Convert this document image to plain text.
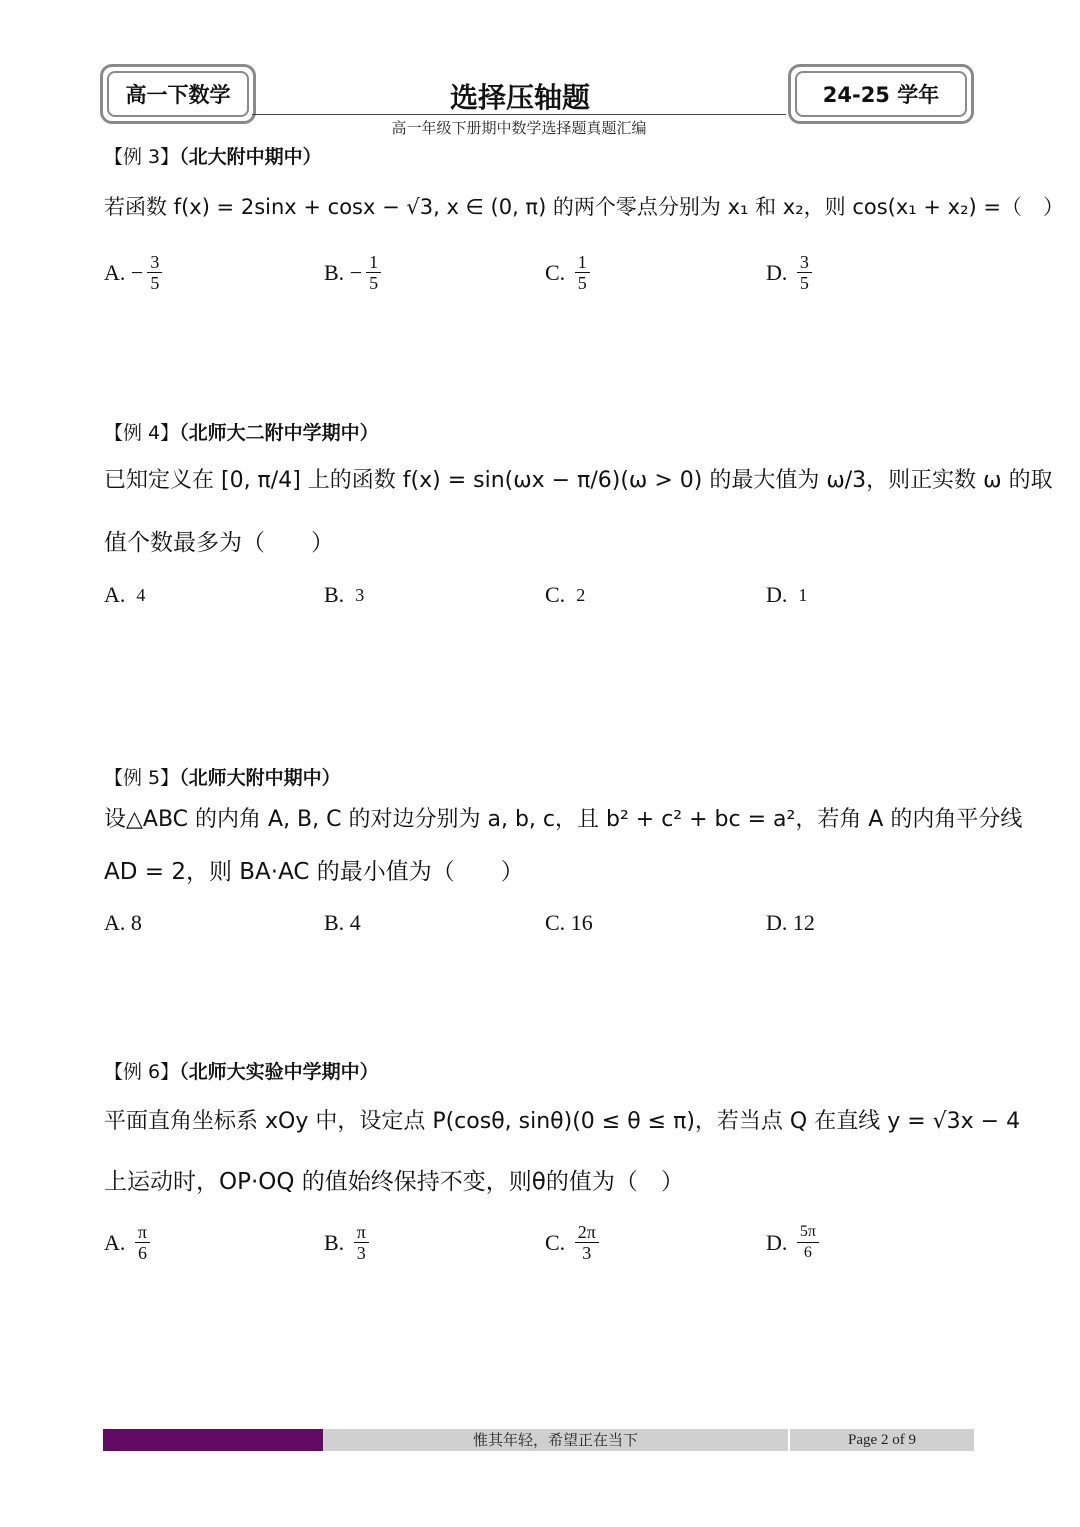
高一下数学	选择压轴题
高一年级下册期中数学选择题真题汇编
24-25 学年
【例 3】（北大附中期中）
若函数 f(x) = 2sinx + cosx − √3, x ∈ (0, π) 的两个零点分别为 x₁ 和 x₂，则 cos(x₁ + x₂) =（　）
A.
− $\frac{3}{5}$	B.
− $\frac{1}{5}$	C.
$\frac{1}{5}$	D.
$\frac{3}{5}$
【例 4】（北师大二附中学期中）
已知定义在 [0, π/4] 上的函数 f(x) = sin(ωx − π/6)(ω > 0) 的最大值为 ω/3，则正实数 ω 的取
值个数最多为（　　）
A.
4	B.
3	C.
2	D.
1
【例 5】（北师大附中期中）
设△ABC 的内角 A, B, C 的对边分别为 a, b, c，且 b² + c² + bc = a²，若角 A 的内角平分线
AD = 2，则 BA·AC 的最小值为（　　）
A.
8	B.
4	C.
16	D.
12
【例 6】（北师大实验中学期中）
平面直角坐标系 xOy 中，设定点 P(cosθ, sinθ)(0 ≤ θ ≤ π)，若当点 Q 在直线 y = √3x − 4
上运动时，OP·OQ 的值始终保持不变，则θ的值为（　）
A.
$\frac{\pi}{6}$	B.
$\frac{\pi}{3}$	C.
$\frac{2\pi}{3}$	D.
$\frac{5\pi}{6}$
惟其年轻，希望正在当下	Page 2 of 9
